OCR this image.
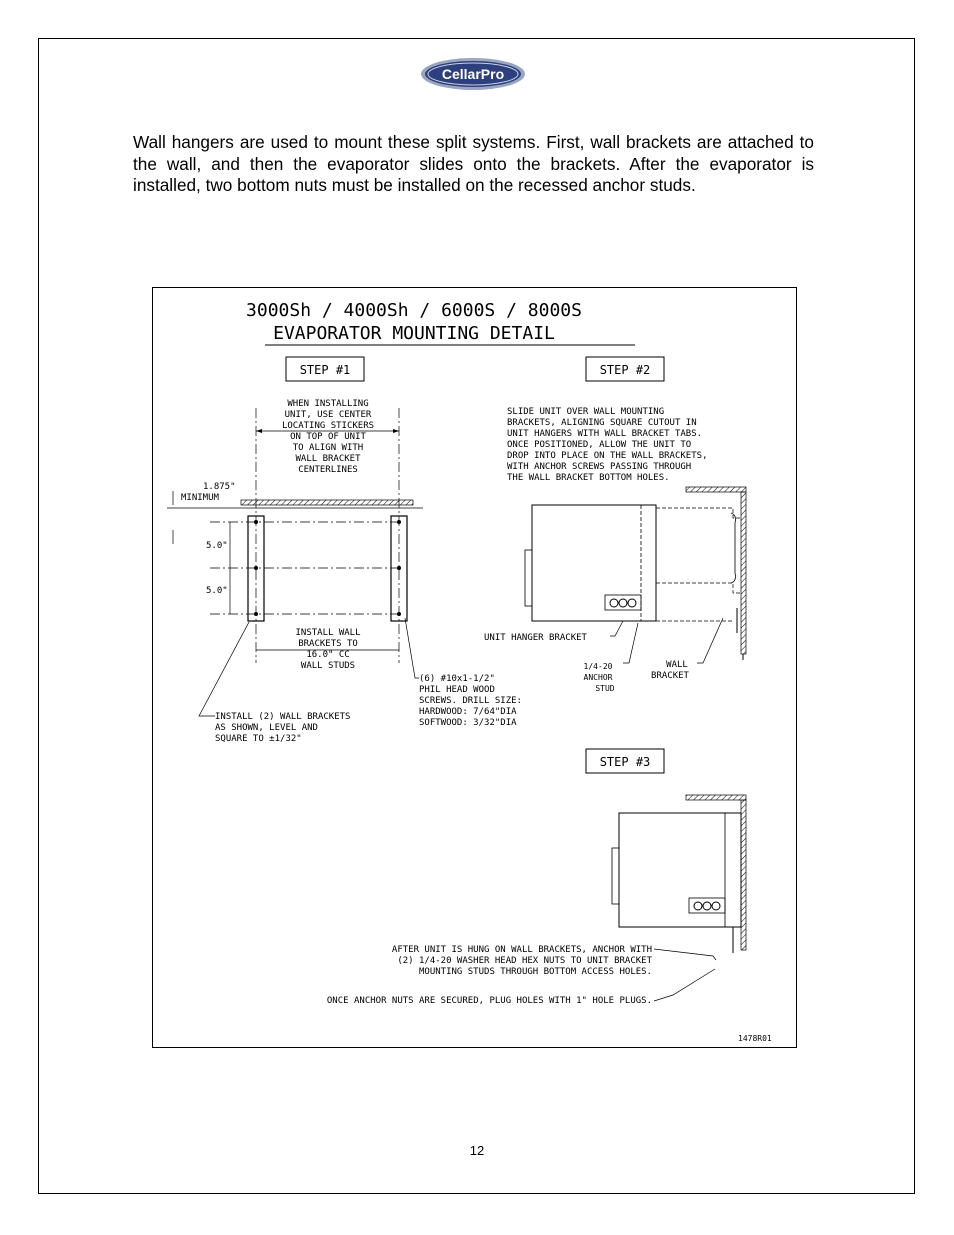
CellarPro

Wall hangers are used to mount these split systems. First, wall brackets are attached to the wall, and then the evaporator slides onto the brackets. After the evaporator is installed, two bottom nuts must be installed on the recessed anchor studs.

3000Sh / 4000Sh / 6000S / 8000S
EVAPORATOR MOUNTING DETAIL
STEP #1	STEP #2
STEP #3
WHEN INSTALLING
UNIT, USE CENTER
LOCATING STICKERS
ON TOP OF UNIT
TO ALIGN WITH
WALL BRACKET
CENTERLINES
1.875"
MINIMUM
5.0"
5.0"
INSTALL WALL
BRACKETS TO
16.0" CC
WALL STUDS
(6) #10x1-1/2"
PHIL HEAD WOOD
SCREWS. DRILL SIZE:
HARDWOOD: 7/64"DIA
SOFTWOOD: 3/32"DIA
INSTALL (2) WALL BRACKETS
AS SHOWN, LEVEL AND
SQUARE TO ±1/32"
SLIDE UNIT OVER WALL MOUNTING
BRACKETS, ALIGNING SQUARE CUTOUT IN
UNIT HANGERS WITH WALL BRACKET TABS.
ONCE POSITIONED, ALLOW THE UNIT TO
DROP INTO PLACE ON THE WALL BRACKETS,
WITH ANCHOR SCREWS PASSING THROUGH
THE WALL BRACKET BOTTOM HOLES.
UNIT HANGER BRACKET
1/4-20
ANCHOR
STUD
WALL
BRACKET
AFTER UNIT IS HUNG ON WALL BRACKETS, ANCHOR WITH
(2) 1/4-20 WASHER HEAD HEX NUTS TO UNIT BRACKET
MOUNTING STUDS THROUGH BOTTOM ACCESS HOLES.
ONCE ANCHOR NUTS ARE SECURED, PLUG HOLES WITH 1" HOLE PLUGS.
1478R01
12
